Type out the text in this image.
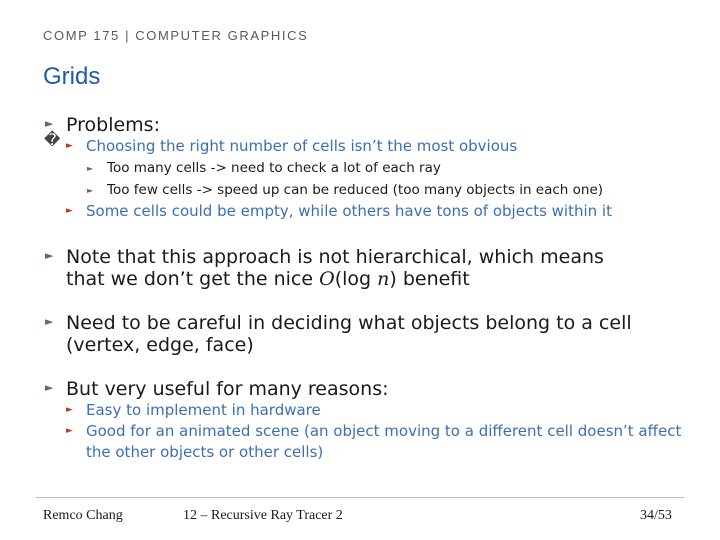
COMP 175 | COMPUTER GRAPHICS
Grids
►
�
Problems:
► Choosing the right number of cells isn’t the most obvious
► Too many cells -> need to check a lot of each ray
► Too few cells -> speed up can be reduced (too many objects in each one)
► Some cells could be empty, while others have tons of objects within it
► Note that this approach is not hierarchical, which means
that we don’t get the nice O(log n) benefit
► Need to be careful in deciding what objects belong to a cell (vertex, edge, face)
► But very useful for many reasons:
► Easy to implement in hardware
► Good for an animated scene (an object moving to a different cell doesn’t affect the other objects or other cells)
Remco Chang	12 – Recursive Ray Tracer 2	34/53
